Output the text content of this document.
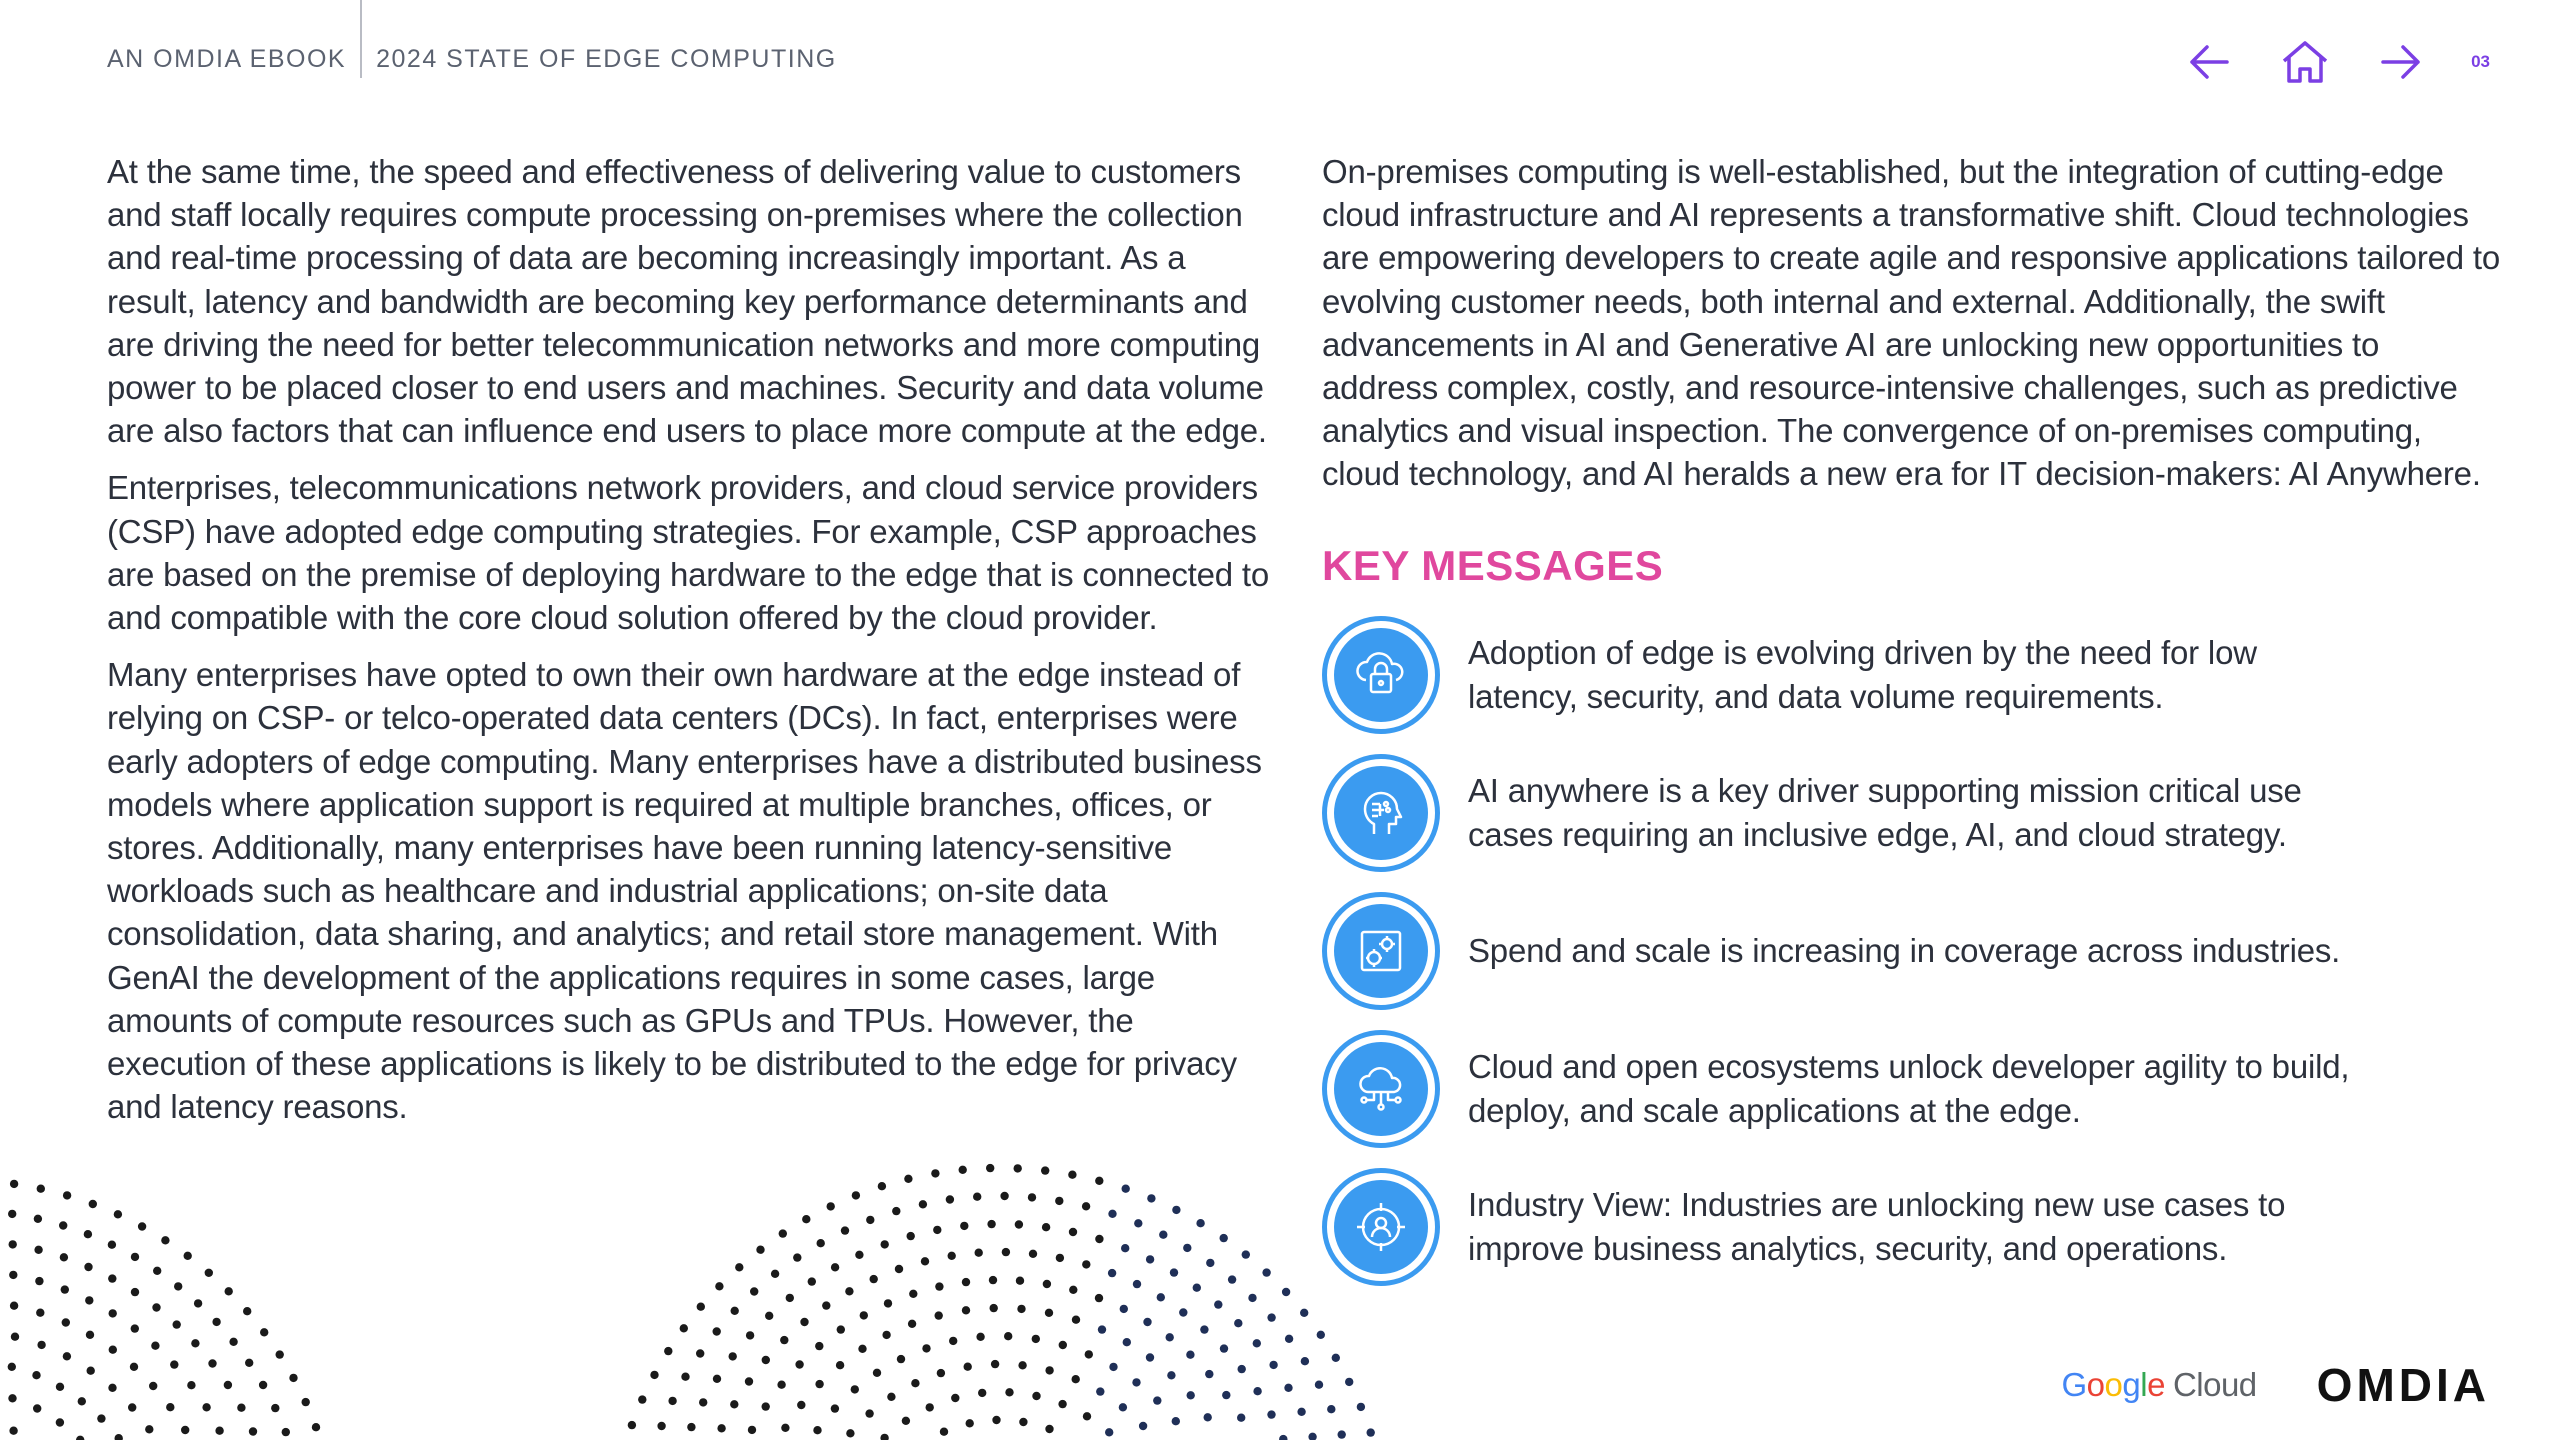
AN OMDIA EBOOK 2024 STATE OF EDGE COMPUTING	03

At the same time, the speed and effectiveness of delivering value to customers and staff locally requires compute processing on-premises where the collection and real-time processing of data are becoming increasingly important. As a result, latency and bandwidth are becoming key performance determinants and are driving the need for better telecommunication networks and more computing power to be placed closer to end users and machines. Security and data volume are also factors that can influence end users to place more compute at the edge.

Enterprises, telecommunications network providers, and cloud service providers (CSP) have adopted edge computing strategies. For example, CSP approaches are based on the premise of deploying hardware to the edge that is connected to and compatible with the core cloud solution offered by the cloud provider.

Many enterprises have opted to own their own hardware at the edge instead of relying on CSP- or telco-operated data centers (DCs). In fact, enterprises were early adopters of edge computing. Many enterprises have a distributed business models where application support is required at multiple branches, offices, or stores. Additionally, many enterprises have been running latency-sensitive workloads such as healthcare and industrial applications; on-site data consolidation, data sharing, and analytics; and retail store management. With GenAI the development of the applications requires in some cases, large amounts of compute resources such as GPUs and TPUs. However, the execution of these applications is likely to be distributed to the edge for privacy and latency reasons.

On-premises computing is well-established, but the integration of cutting-edge cloud infrastructure and AI represents a transformative shift. Cloud technologies are empowering developers to create agile and responsive applications tailored to evolving customer needs, both internal and external. Additionally, the swift advancements in AI and Generative AI are unlocking new opportunities to address complex, costly, and resource-intensive challenges, such as predictive analytics and visual inspection. The convergence of on-premises computing, cloud technology, and AI heralds a new era for IT decision-makers: AI Anywhere.

KEY MESSAGES
Adoption of edge is evolving driven by the need for low latency, security, and data volume requirements.
AI anywhere is a key driver supporting mission critical use cases requiring an inclusive edge, AI, and cloud strategy.
Spend and scale is increasing in coverage across industries.
Cloud and open ecosystems unlock developer agility to build, deploy, and scale applications at the edge.
Industry View: Industries are unlocking new use cases to improve business analytics, security, and operations.
Google Cloud OMDIA
